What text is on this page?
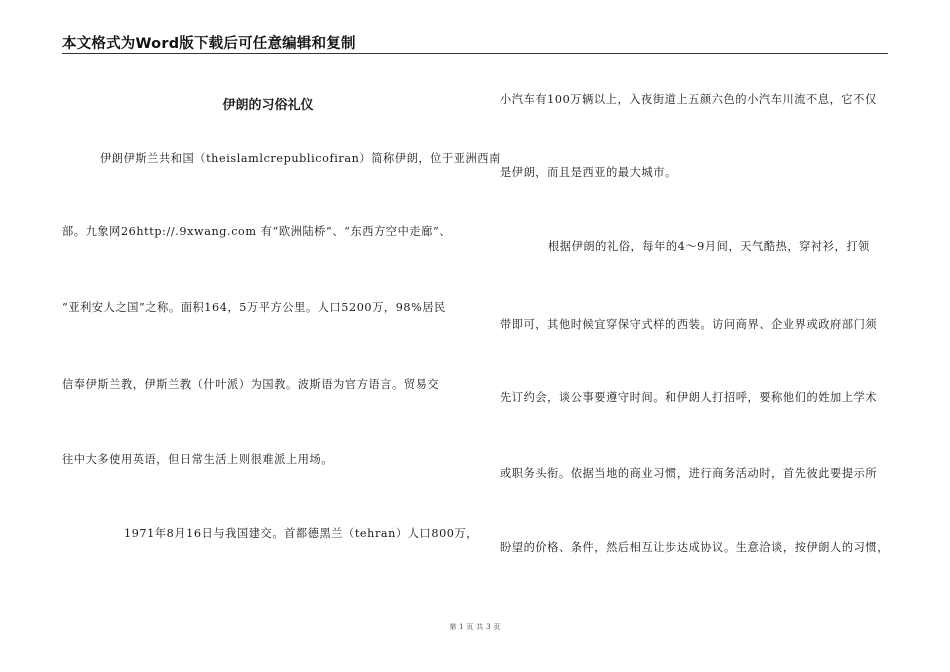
本文格式为Word版下载后可任意编辑和复制
伊朗的习俗礼仪
伊朗伊斯兰共和国（theislamlcrepublicofiran）简称伊朗，位于亚洲西南
部。九象网26http://.9xwang.com 有“欧洲陆桥”、“东西方空中走廊”、
“亚利安人之国”之称。面积164，5万平方公里。人口5200万，98%居民
信奉伊斯兰教，伊斯兰教（什叶派）为国教。波斯语为官方语言。贸易交
往中大多使用英语，但日常生活上则很难派上用场。
1971年8月16日与我国建交。首都德黑兰（tehran）人口800万，
小汽车有100万辆以上，入夜街道上五颜六色的小汽车川流不息，它不仅
是伊朗，而且是西亚的最大城市。
根据伊朗的礼俗，每年的4～9月间，天气酷热，穿衬衫，打领
带即可，其他时候宜穿保守式样的西装。访问商界、企业界或政府部门须
先订约会，谈公事要遵守时间。和伊朗人打招呼，要称他们的姓加上学术
或职务头衔。依据当地的商业习惯，进行商务活动时，首先彼此要提示所
盼望的价格、条件，然后相互让步达成协议。生意洽谈，按伊朗人的习惯，
第 1 页 共 3 页
